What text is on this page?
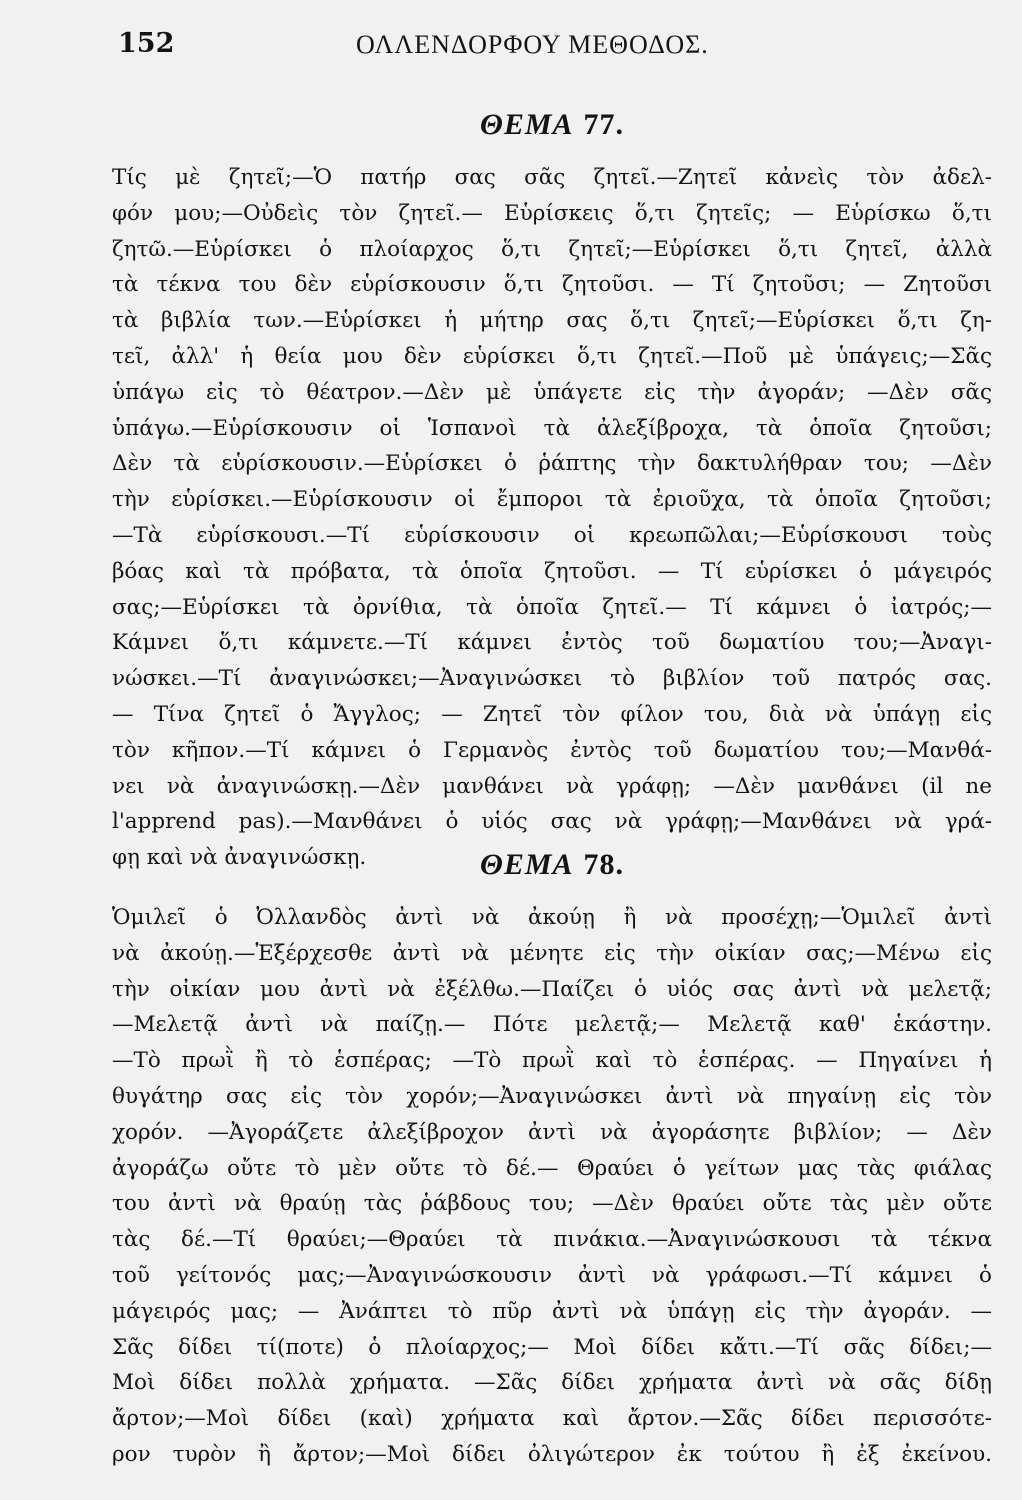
152	ΟΛΛΕΝΔΟΡΦΟΥ ΜΕΘΟΔΟΣ.
ΘΕΜΑ 77.
Τίς μὲ ζητεῖ;—Ὁ πατήρ σας σᾶς ζητεῖ.—Ζητεῖ κἀνεὶς τὸν ἀδελ-
φόν μου;—Οὐδεὶς τὸν ζητεῖ.— Εὑρίσκεις ὅ,τι ζητεῖς; — Εὑρίσκω ὅ,τι
ζητῶ.—Εὑρίσκει ὁ πλοίαρχος ὅ,τι ζητεῖ;—Εὑρίσκει ὅ,τι ζητεῖ, ἀλλὰ
τὰ τέκνα του δὲν εὑρίσκουσιν ὅ,τι ζητοῦσι. — Τί ζητοῦσι; — Ζητοῦσι
τὰ βιβλία των.—Εὑρίσκει ἡ μήτηρ σας ὅ,τι ζητεῖ;—Εὑρίσκει ὅ,τι ζη-
τεῖ, ἀλλ' ἡ θεία μου δὲν εὑρίσκει ὅ,τι ζητεῖ.—Ποῦ μὲ ὑπάγεις;—Σᾶς
ὑπάγω εἰς τὸ θέατρον.—Δὲν μὲ ὑπάγετε εἰς τὴν ἀγοράν; —Δὲν σᾶς
ὑπάγω.—Εὑρίσκουσιν οἱ Ἱσπανοὶ τὰ ἀλεξίβροχα, τὰ ὁποῖα ζητοῦσι;
Δὲν τὰ εὑρίσκουσιν.—Εὑρίσκει ὁ ῥάπτης τὴν δακτυλήθραν του; —Δὲν
τὴν εὑρίσκει.—Εὑρίσκουσιν οἱ ἔμποροι τὰ ἐριοῦχα, τὰ ὁποῖα ζητοῦσι;
—Τὰ εὑρίσκουσι.—Τί εὑρίσκουσιν οἱ κρεωπῶλαι;—Εὑρίσκουσι τοὺς
βόας καὶ τὰ πρόβατα, τὰ ὁποῖα ζητοῦσι. — Τί εὑρίσκει ὁ μάγειρός
σας;—Εὑρίσκει τὰ ὀρνίθια, τὰ ὁποῖα ζητεῖ.— Τί κάμνει ὁ ἰατρός;—
Κάμνει ὅ,τι κάμνετε.—Τί κάμνει ἐντὸς τοῦ δωματίου του;—Ἀναγι-
νώσκει.—Τί ἀναγινώσκει;—Ἀναγινώσκει τὸ βιβλίον τοῦ πατρός σας.
— Τίνα ζητεῖ ὁ Ἄγγλος; — Ζητεῖ τὸν φίλον του, διὰ νὰ ὑπάγῃ εἰς
τὸν κῆπον.—Τί κάμνει ὁ Γερμανὸς ἐντὸς τοῦ δωματίου του;—Μανθά-
νει νὰ ἀναγινώσκῃ.—Δὲν μανθάνει νὰ γράφῃ; —Δὲν μανθάνει (il ne
l'apprend pas).—Μανθάνει ὁ υἱός σας νὰ γράφῃ;—Μανθάνει νὰ γρά-
φῃ καὶ νὰ ἀναγινώσκῃ.	ΘΕΜΑ 78.
Ὁμιλεῖ ὁ Ὀλλανδὸς ἀντὶ νὰ ἀκούῃ ἢ νὰ προσέχῃ;—Ὁμιλεῖ ἀντὶ
νὰ ἀκούῃ.—Ἐξέρχεσθε ἀντὶ νὰ μένητε εἰς τὴν οἰκίαν σας;—Μένω εἰς
τὴν οἰκίαν μου ἀντὶ νὰ ἐξέλθω.—Παίζει ὁ υἱός σας ἀντὶ νὰ μελετᾷ;
—Μελετᾷ ἀντὶ νὰ παίζῃ.— Πότε μελετᾷ;— Μελετᾷ καθ' ἑκάστην.
—Τὸ πρωῒ ἢ τὸ ἑσπέρας; —Τὸ πρωῒ καὶ τὸ ἑσπέρας. — Πηγαίνει ἡ
θυγάτηρ σας εἰς τὸν χορόν;—Ἀναγινώσκει ἀντὶ νὰ πηγαίνῃ εἰς τὸν
χορόν. —Ἀγοράζετε ἀλεξίβροχον ἀντὶ νὰ ἀγοράσητε βιβλίον; — Δὲν
ἀγοράζω οὔτε τὸ μὲν οὔτε τὸ δέ.— Θραύει ὁ γείτων μας τὰς φιάλας
του ἀντὶ νὰ θραύῃ τὰς ῥάβδους του; —Δὲν θραύει οὔτε τὰς μὲν οὔτε
τὰς δέ.—Τί θραύει;—Θραύει τὰ πινάκια.—Ἀναγινώσκουσι τὰ τέκνα
τοῦ γείτονός μας;—Ἀναγινώσκουσιν ἀντὶ νὰ γράφωσι.—Τί κάμνει ὁ
μάγειρός μας; — Ἀνάπτει τὸ πῦρ ἀντὶ νὰ ὑπάγῃ εἰς τὴν ἀγοράν. —
Σᾶς δίδει τί(ποτε) ὁ πλοίαρχος;— Μοὶ δίδει κἄτι.—Τί σᾶς δίδει;—
Μοὶ δίδει πολλὰ χρήματα. —Σᾶς δίδει χρήματα ἀντὶ νὰ σᾶς δίδῃ
ἄρτον;—Μοὶ δίδει (καὶ) χρήματα καὶ ἄρτον.—Σᾶς δίδει περισσότε-
ρον τυρὸν ἢ ἄρτον;—Μοὶ δίδει ὀλιγώτερον ἐκ τούτου ἢ ἐξ ἐκείνου.
